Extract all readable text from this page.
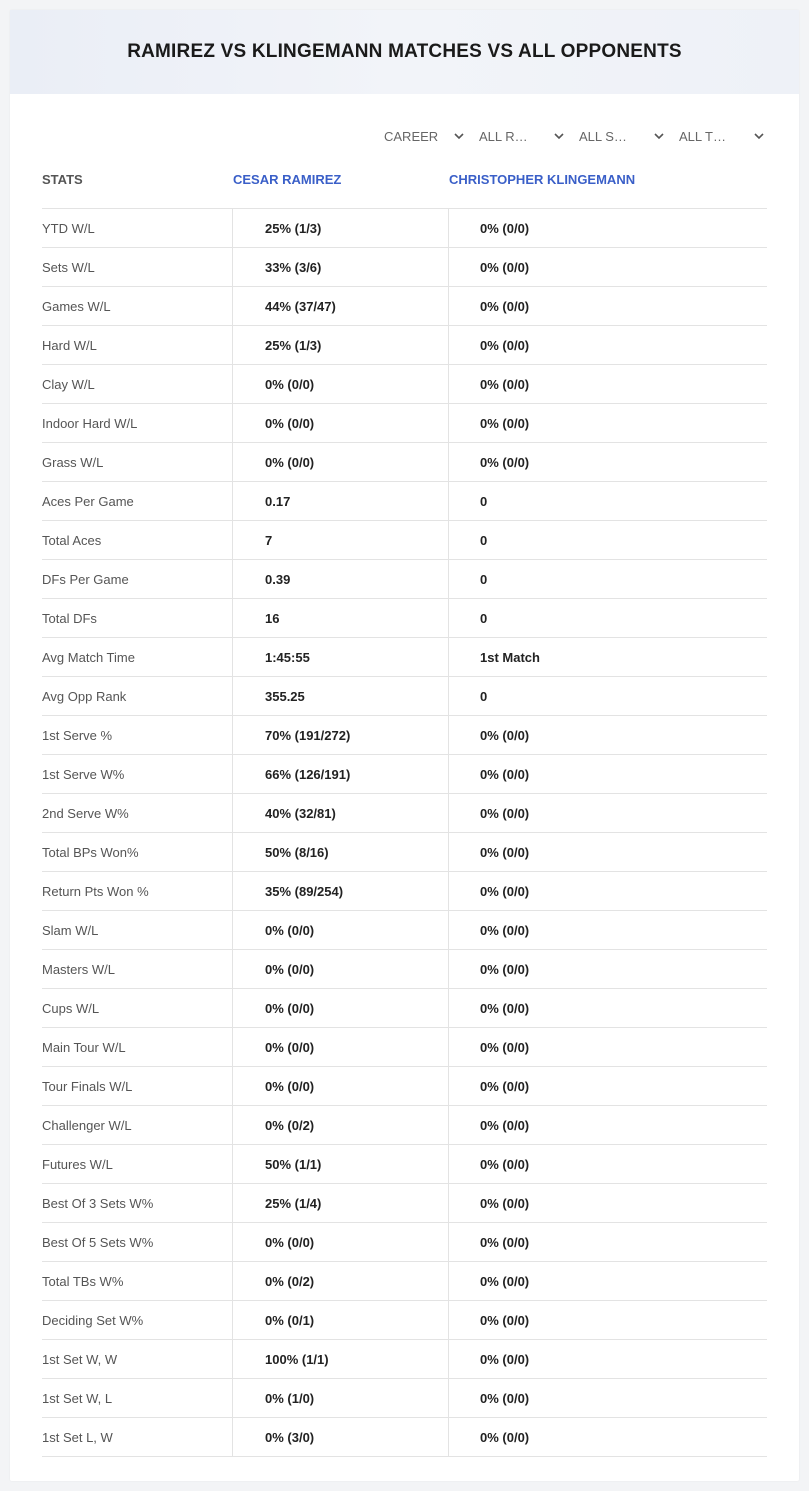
RAMIREZ VS KLINGEMANN MATCHES VS ALL OPPONENTS
CAREER	ALL R…	ALL S…	ALL T…
STATS	CESAR RAMIREZ	CHRISTOPHER KLINGEMANN
YTD W/L	25% (1/3)	0% (0/0)
Sets W/L	33% (3/6)	0% (0/0)
Games W/L	44% (37/47)	0% (0/0)
Hard W/L	25% (1/3)	0% (0/0)
Clay W/L	0% (0/0)	0% (0/0)
Indoor Hard W/L	0% (0/0)	0% (0/0)
Grass W/L	0% (0/0)	0% (0/0)
Aces Per Game	0.17	0
Total Aces	7	0
DFs Per Game	0.39	0
Total DFs	16	0
Avg Match Time	1:45:55	1st Match
Avg Opp Rank	355.25	0
1st Serve %	70% (191/272)	0% (0/0)
1st Serve W%	66% (126/191)	0% (0/0)
2nd Serve W%	40% (32/81)	0% (0/0)
Total BPs Won%	50% (8/16)	0% (0/0)
Return Pts Won %	35% (89/254)	0% (0/0)
Slam W/L	0% (0/0)	0% (0/0)
Masters W/L	0% (0/0)	0% (0/0)
Cups W/L	0% (0/0)	0% (0/0)
Main Tour W/L	0% (0/0)	0% (0/0)
Tour Finals W/L	0% (0/0)	0% (0/0)
Challenger W/L	0% (0/2)	0% (0/0)
Futures W/L	50% (1/1)	0% (0/0)
Best Of 3 Sets W%	25% (1/4)	0% (0/0)
Best Of 5 Sets W%	0% (0/0)	0% (0/0)
Total TBs W%	0% (0/2)	0% (0/0)
Deciding Set W%	0% (0/1)	0% (0/0)
1st Set W, W	100% (1/1)	0% (0/0)
1st Set W, L	0% (1/0)	0% (0/0)
1st Set L, W	0% (3/0)	0% (0/0)
